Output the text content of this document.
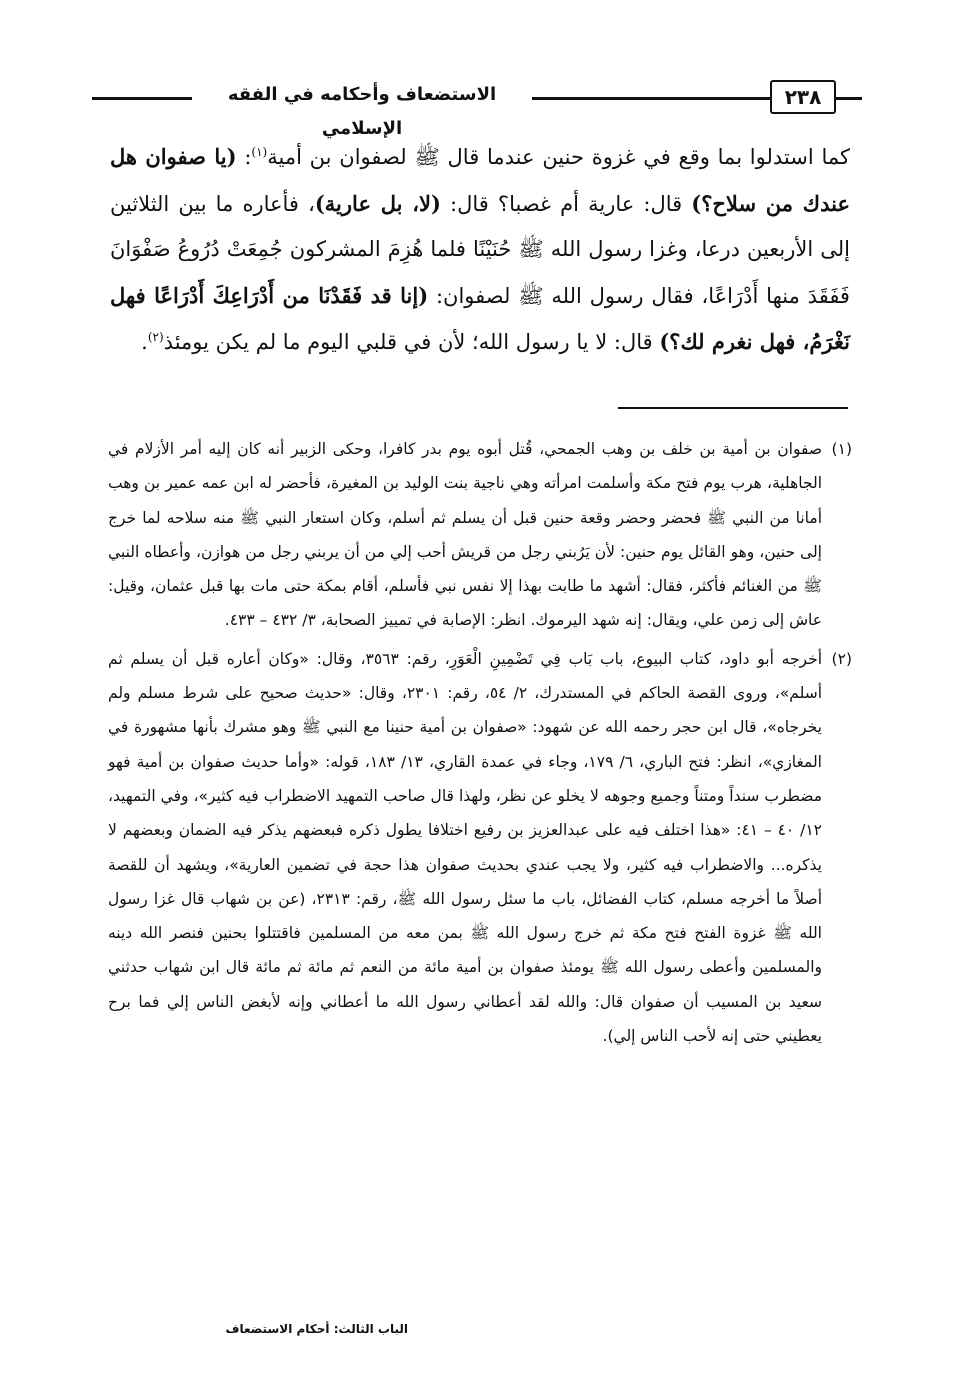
الاستضعاف وأحكامه في الفقه الإسلامي
٢٣٨

كما استدلوا بما وقع في غزوة حنين عندما قال ﷺ لصفوان بن أمية$^{(١)}$: (يا صفوان هل عندك من سلاح؟) قال: عارية أم غصبا؟ قال: (لا، بل عارية)، فأعاره ما بين الثلاثين إلى الأربعين درعا، وغزا رسول الله ﷺ حُنَيْنًا فلما هُزِمَ المشركون جُمِعَتْ دُرُوعُ صَفْوَانَ فَفَقَدَ منها أَدْرَاعًا، فقال رسول الله ﷺ لصفوان: (إنا قد فَقَدْنَا من أَدْرَاعِكَ أَدْرَاعًا فهل نَغْرَمُ، فهل نغرم لك؟) قال: لا يا رسول الله؛ لأن في قلبي اليوم ما لم يكن يومئذ$^{(٢)}$.

(١)
صفوان بن أمية بن خلف بن وهب الجمحي، قُتل أبوه يوم بدر كافرا، وحكى الزبير أنه كان إليه أمر الأزلام في الجاهلية، هرب يوم فتح مكة وأسلمت امرأته وهي ناجية بنت الوليد بن المغيرة، فأحضر له ابن عمه عمير بن وهب أمانا من النبي ﷺ فحضر وحضر وقعة حنين قبل أن يسلم ثم أسلم، وكان استعار النبي ﷺ منه سلاحه لما خرج إلى حنين، وهو القائل يوم حنين: لأن يَرُبني رجل من قريش أحب إلي من أن يربني رجل من هوازن، وأعطاه النبي ﷺ من الغنائم فأكثر، فقال: أشهد ما طابت بهذا إلا نفس نبي فأسلم، أقام بمكة حتى مات بها قبل عثمان، وقيل: عاش إلى زمن علي، ويقال: إنه شهد اليرموك. انظر: الإصابة في تمييز الصحابة، ٣/ ٤٣٢ – ٤٣٣.

(٢)
أخرجه أبو داود، كتاب البيوع، باب بَاب فِي تَضْمِينِ الْعَوَرِ، رقم: ٣٥٦٣، وقال: «وكان أعاره قبل أن يسلم ثم أسلم»، وروى القصة الحاكم في المستدرك، ٢/ ٥٤، رقم: ٢٣٠١، وقال: «حديث صحيح على شرط مسلم ولم يخرجاه»، قال ابن حجر رحمه الله عن شهود: «صفوان بن أمية حنينا مع النبي ﷺ وهو مشرك بأنها مشهورة في المغازي»، انظر: فتح الباري، ٦/ ١٧٩، وجاء في عمدة القاري، ١٣/ ١٨٣، قوله: «وأما حديث صفوان بن أمية فهو مضطرب سنداً ومتناً وجميع وجوهه لا يخلو عن نظر، ولهذا قال صاحب التمهيد الاضطراب فيه كثير»، وفي التمهيد، ١٢/ ٤٠ – ٤١: «هذا اختلف فيه على عبدالعزيز بن رفيع اختلافا يطول ذكره فبعضهم يذكر فيه الضمان وبعضهم لا يذكره... والاضطراب فيه كثير، ولا يجب عندي بحديث صفوان هذا حجة في تضمين العارية»، ويشهد أن للقصة أصلاً ما أخرجه مسلم، كتاب الفضائل، باب ما سئل رسول الله ﷺ، رقم: ٢٣١٣، (عن بن شهاب قال غزا رسول الله ﷺ غزوة الفتح فتح مكة ثم خرج رسول الله ﷺ بمن معه من المسلمين فاقتتلوا بحنين فنصر الله دينه والمسلمين وأعطى رسول الله ﷺ يومئذ صفوان بن أمية مائة من النعم ثم مائة ثم مائة قال ابن شهاب حدثني سعيد بن المسيب أن صفوان قال: والله لقد أعطاني رسول الله ما أعطاني وإنه لأبغض الناس إلي فما برح يعطيني حتى إنه لأحب الناس إلي).

الباب الثالث: أحكام الاستضعاف
